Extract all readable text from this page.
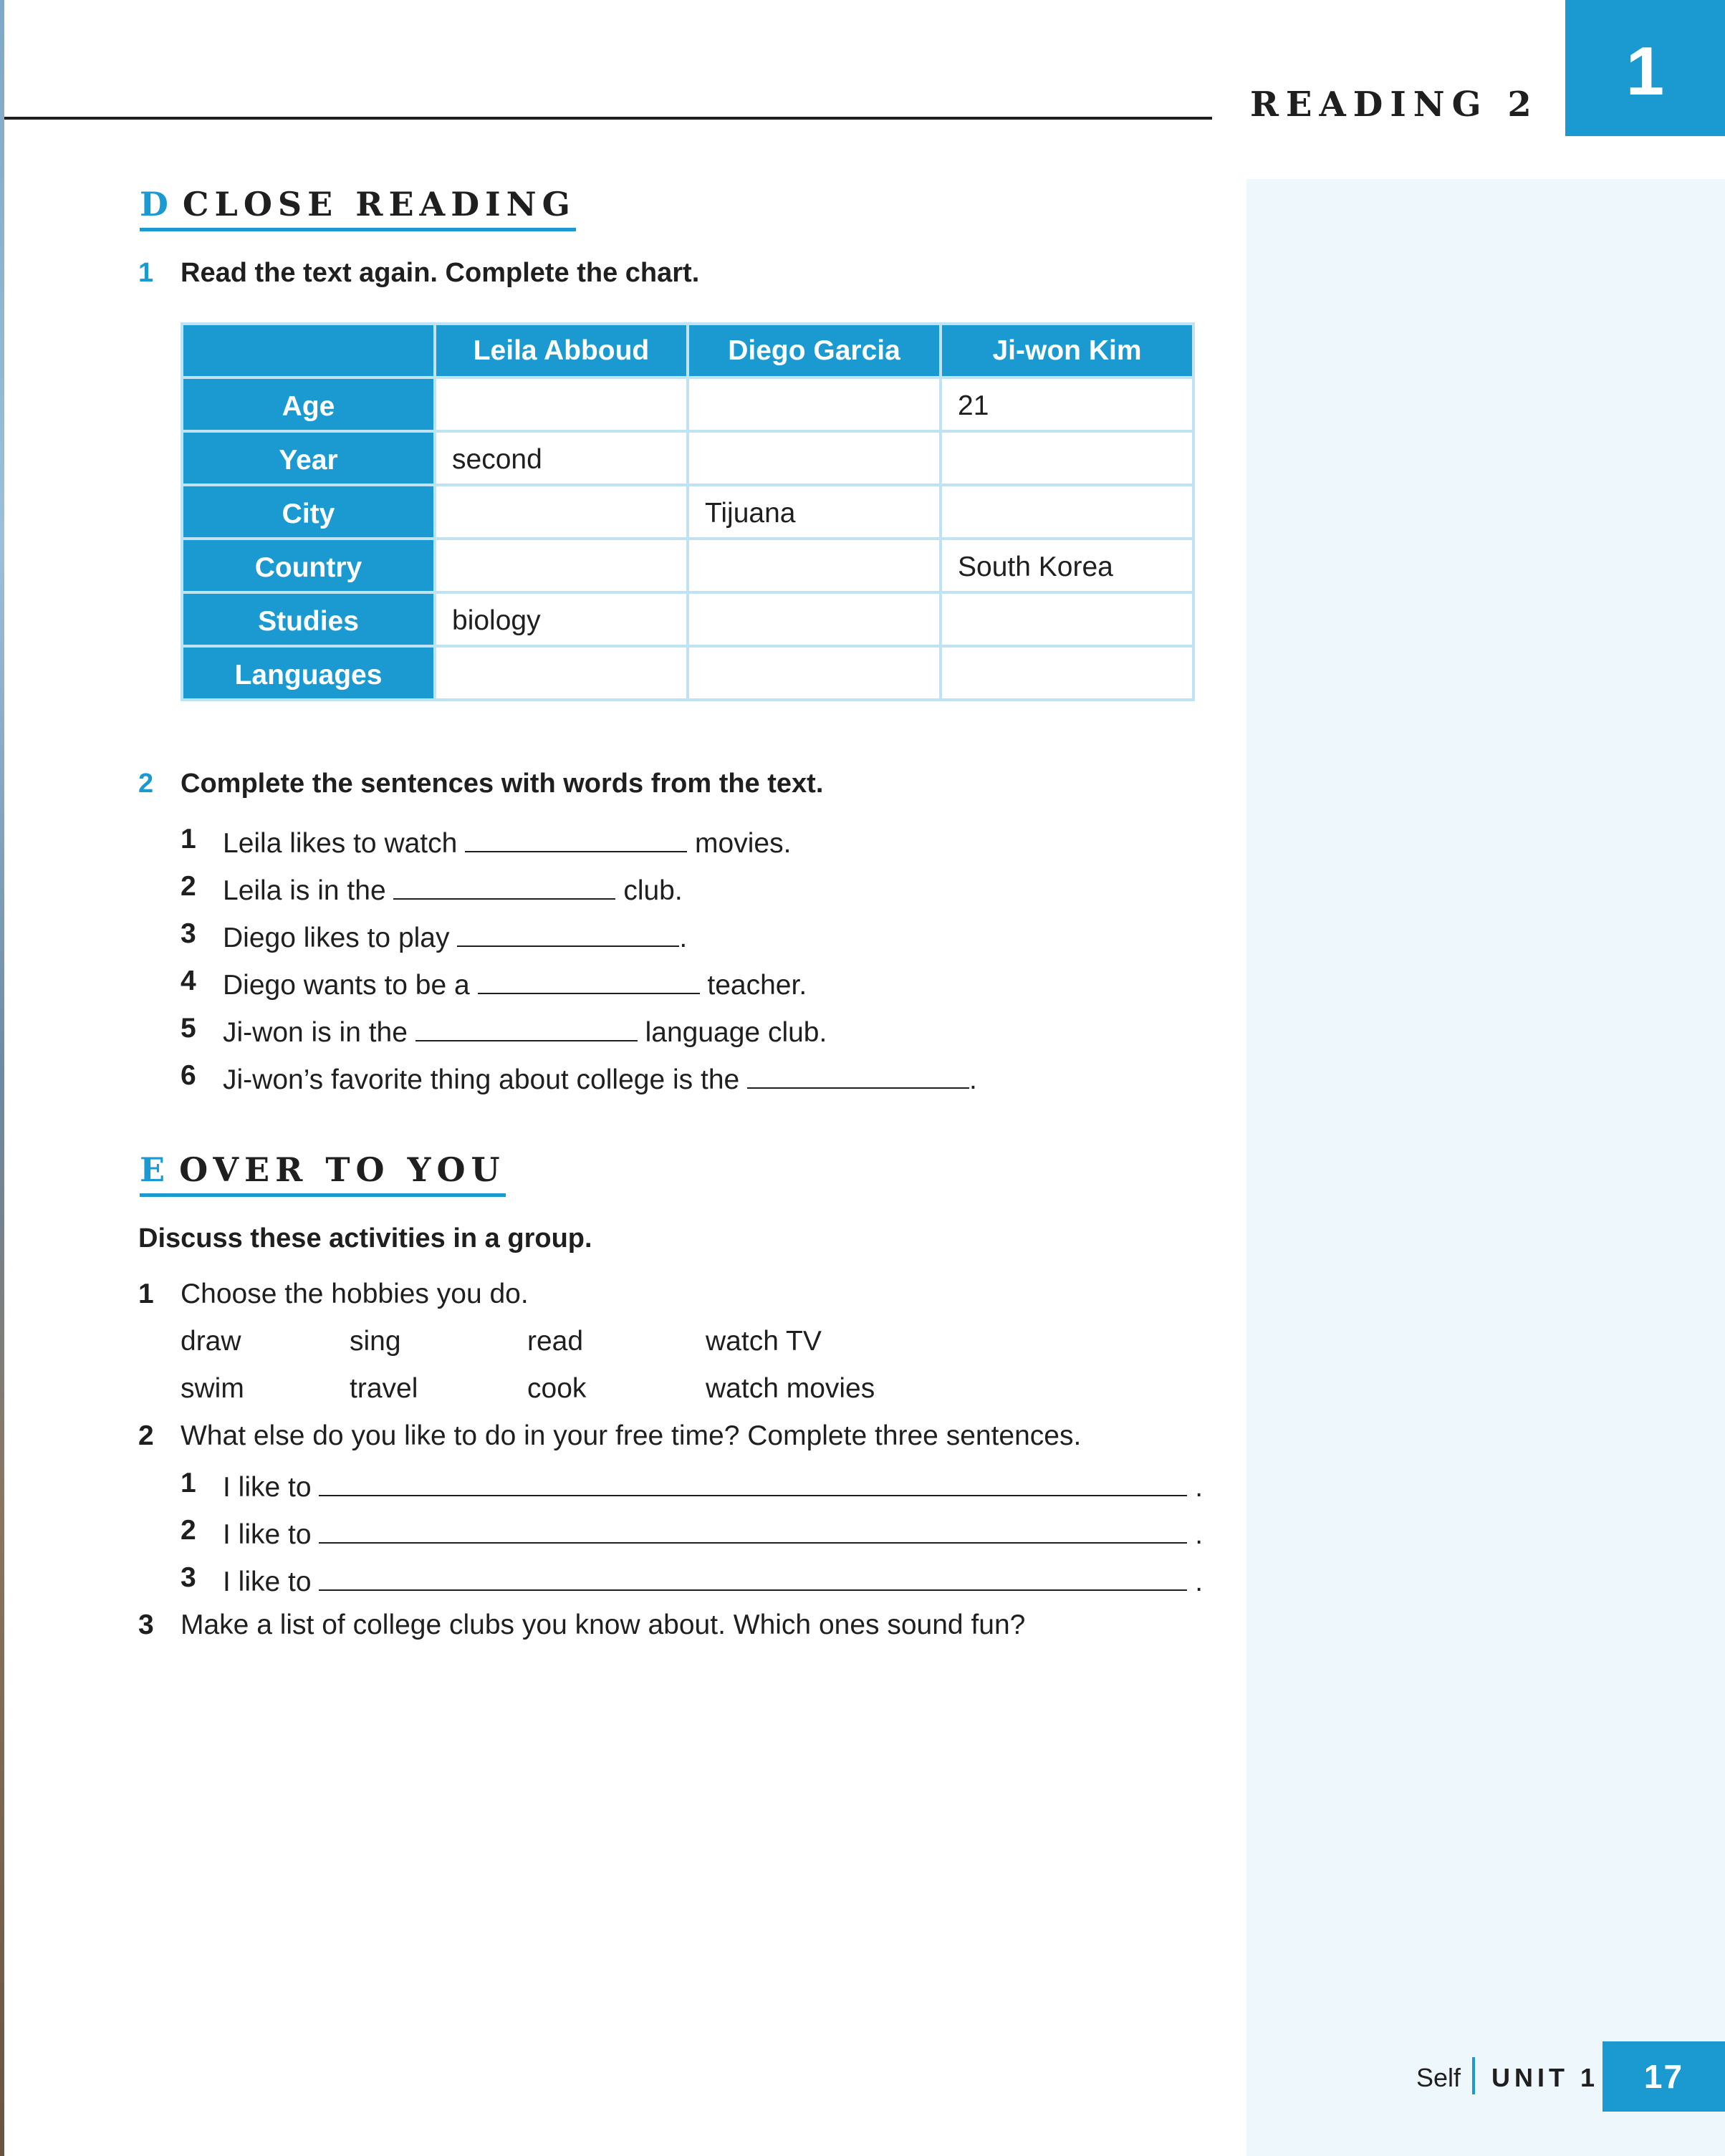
READING 2	1
D CLOSE READING
1 Read the text again. Complete the chart.
	Leila Abboud	Diego Garcia	Ji-won Kim
Age			21
Year	second		
City		Tijuana	
Country			South Korea
Studies	biology		
Languages			
2 Complete the sentences with words from the text.
1 Leila likes to watch	movies.
2 Leila is in the	club.
3 Diego likes to play	.
4 Diego wants to be a	teacher.
5 Ji-won is in the	language club.
6 Ji-won’s favorite thing about college is the	.
E OVER TO YOU
Discuss these activities in a group.
1 Choose the hobbies you do.
draw	sing	read	watch TV
swim	travel	cook	watch movies
2 What else do you like to do in your free time? Complete three sentences.
1 I like to	.
2 I like to	.
3 I like to	.
3 Make a list of college clubs you know about. Which ones sound fun?
Self UNIT 1	17
